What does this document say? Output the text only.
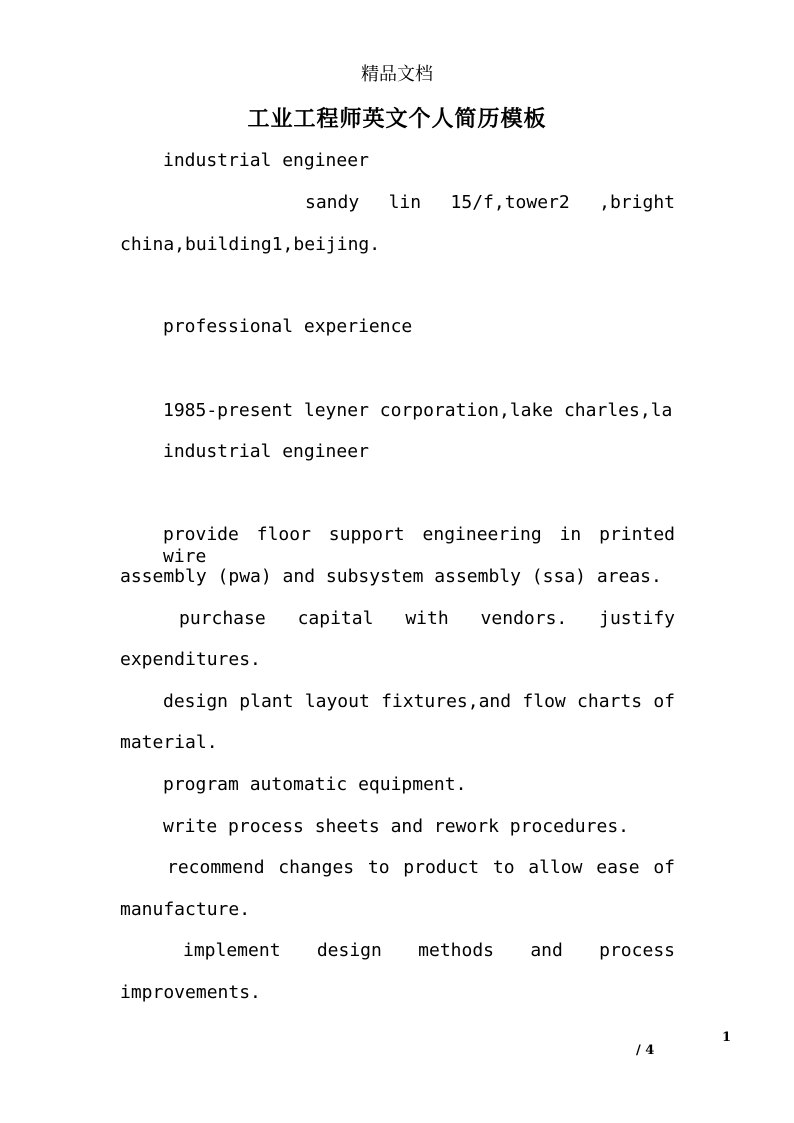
精品文档
工业工程师英文个人简历模板
industrial engineer
sandy lin 15/f,tower2 ,bright
china,building1,beijing.
professional experience
1985-present leyner corporation,lake charles,la
industrial engineer
provide floor support engineering in printed wire
assembly (pwa) and subsystem assembly (ssa) areas.
purchase capital with vendors. justify
expenditures.
design plant layout fixtures,and flow charts of
material.
program automatic equipment.
write process sheets and rework procedures.
recommend changes to product to allow ease of
manufacture.
implement design methods and process
improvements.
1
/ 4
